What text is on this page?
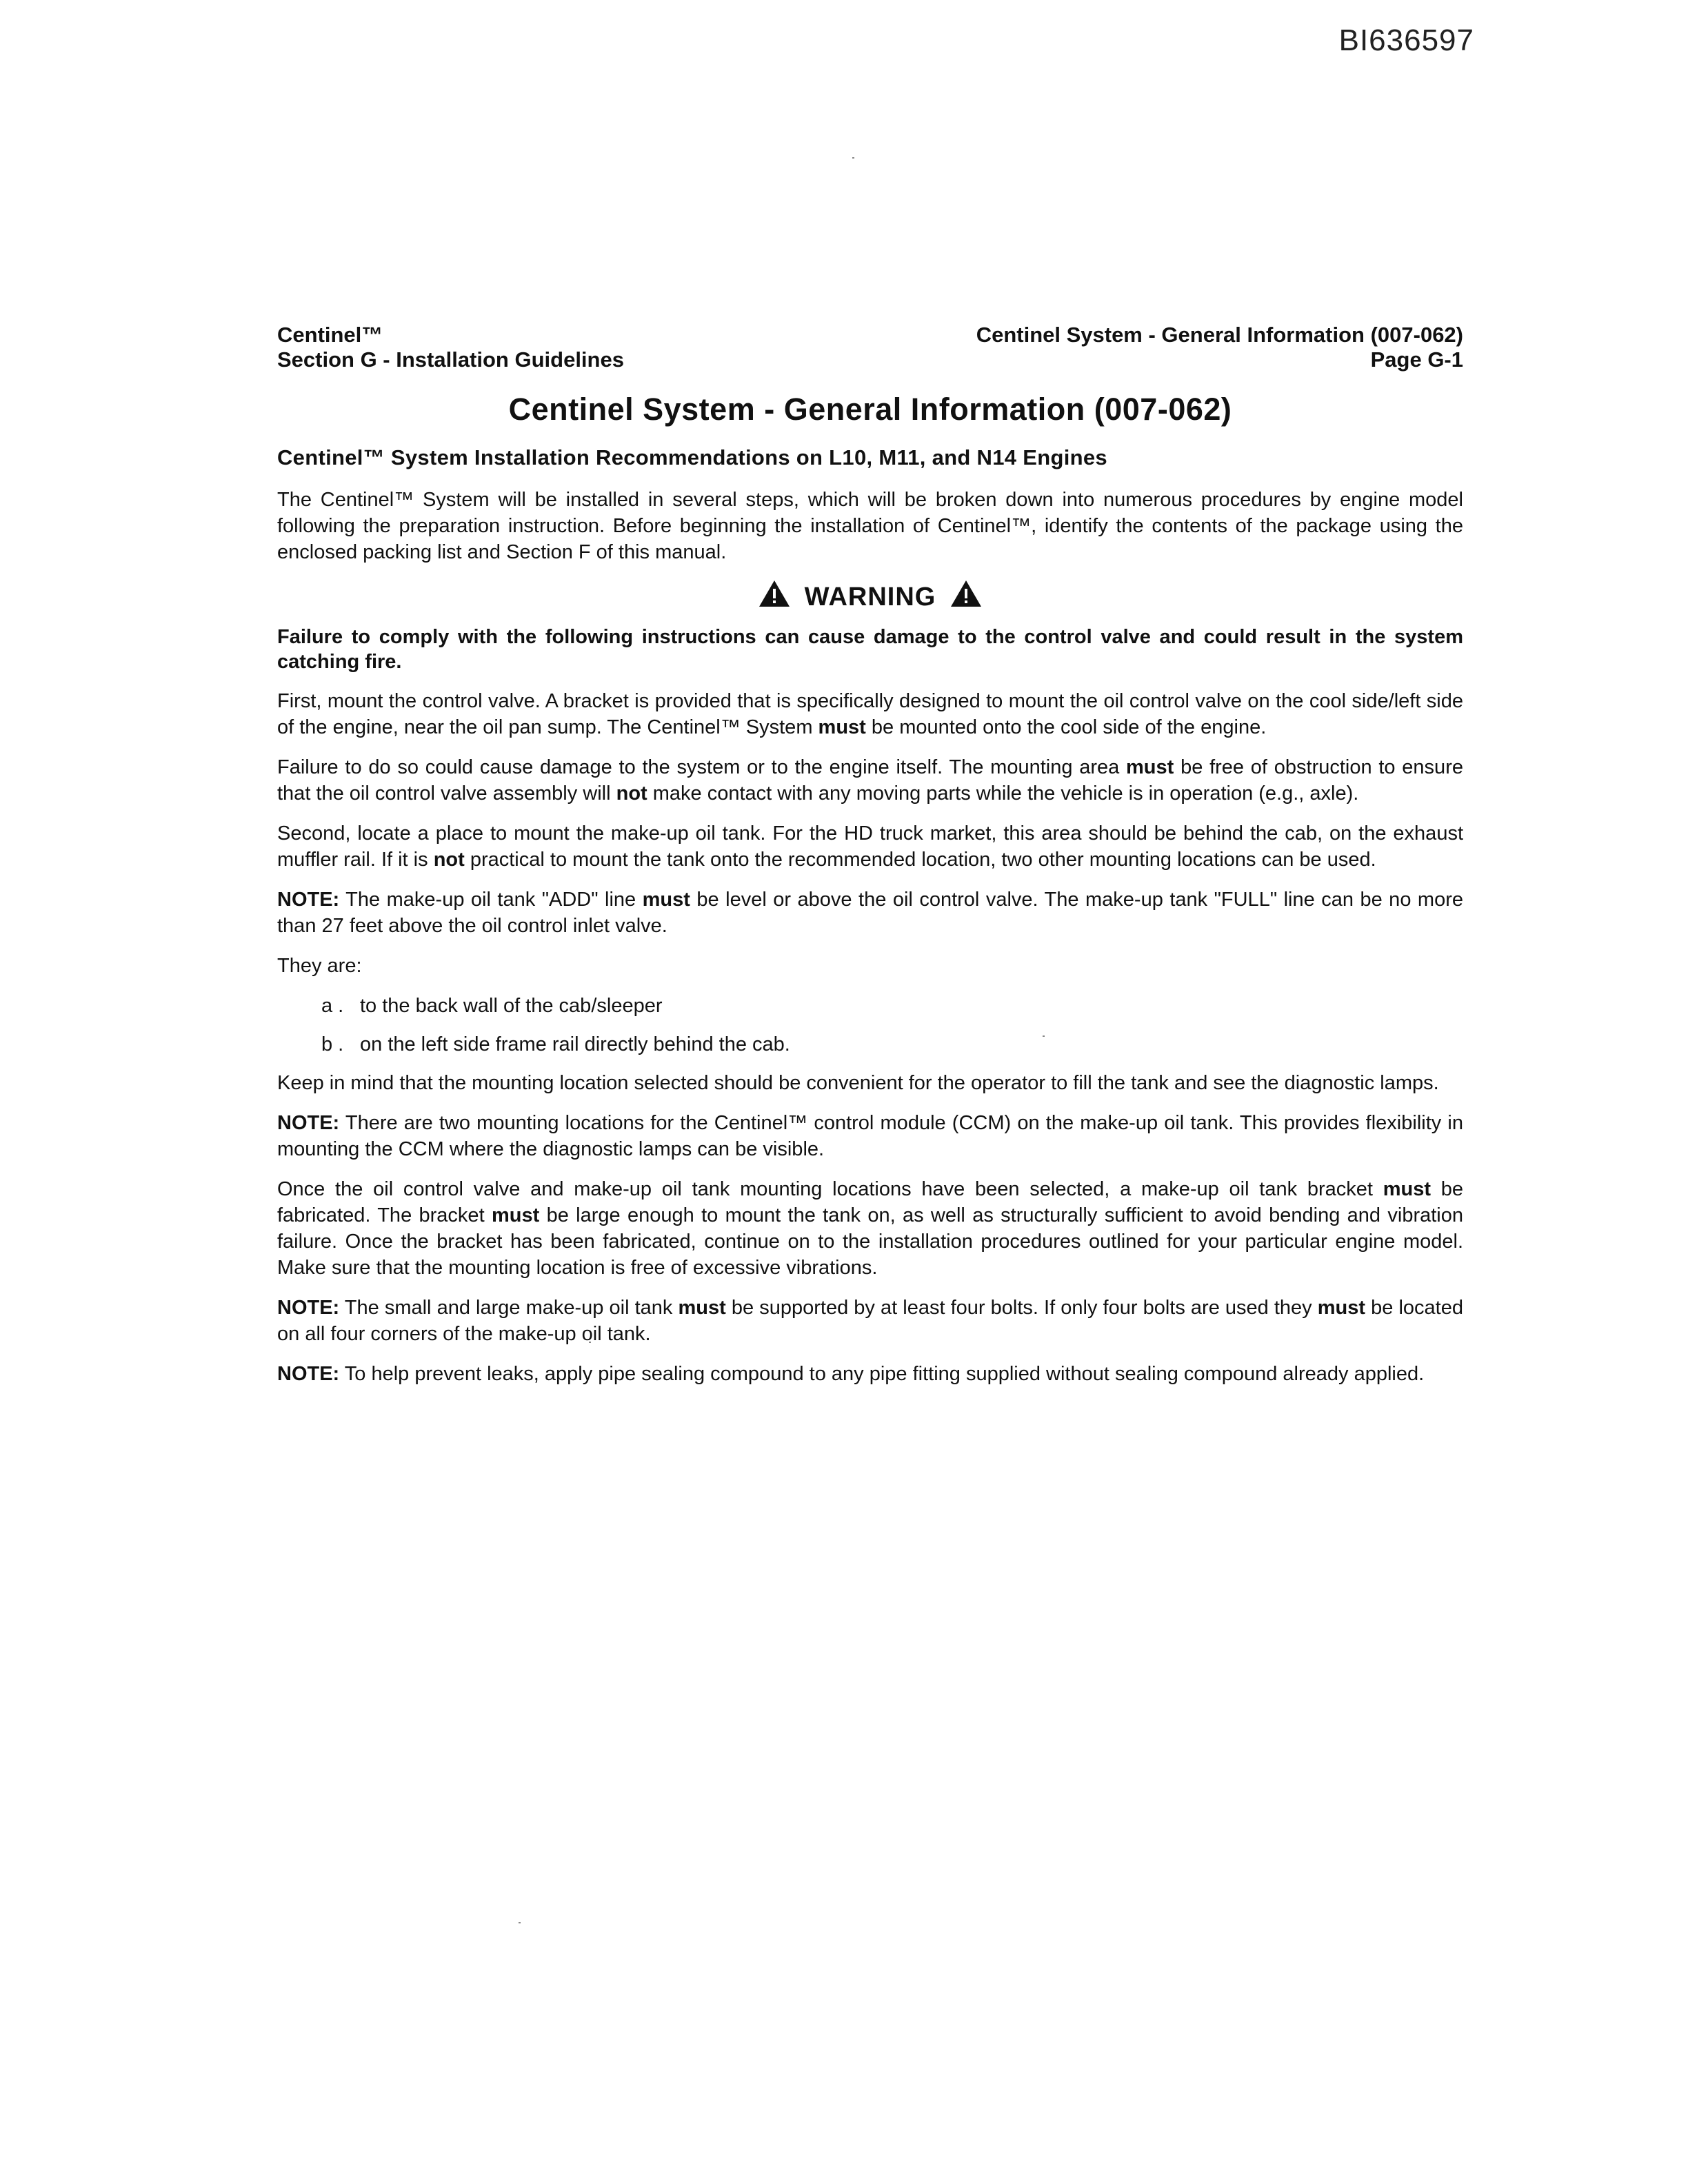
BI636597
Centinel™
Section G - Installation Guidelines
Centinel System - General Information (007-062)
Page G-1
Centinel System - General Information (007-062)
Centinel™ System Installation Recommendations on L10, M11, and N14 Engines

The Centinel™ System will be installed in several steps, which will be broken down into numerous procedures by engine model following the preparation instruction. Before beginning the installation of Centinel™, identify the contents of the package using the enclosed packing list and Section F of this manual.

WARNING

Failure to comply with the following instructions can cause damage to the control valve and could result in the system catching fire.

First, mount the control valve. A bracket is provided that is specifically designed to mount the oil control valve on the cool side/left side of the engine, near the oil pan sump. The Centinel™ System must be mounted onto the cool side of the engine.

Failure to do so could cause damage to the system or to the engine itself. The mounting area must be free of obstruction to ensure that the oil control valve assembly will not make contact with any moving parts while the vehicle is in operation (e.g., axle).

Second, locate a place to mount the make-up oil tank. For the HD truck market, this area should be behind the cab, on the exhaust muffler rail. If it is not practical to mount the tank onto the recommended location, two other mounting locations can be used.

NOTE: The make-up oil tank "ADD" line must be level or above the oil control valve. The make-up tank "FULL" line can be no more than 27 feet above the oil control inlet valve.

They are:

a . to the back wall of the cab/sleeper
b . on the left side frame rail directly behind the cab.

Keep in mind that the mounting location selected should be convenient for the operator to fill the tank and see the diagnostic lamps.

NOTE: There are two mounting locations for the Centinel™ control module (CCM) on the make-up oil tank. This provides flexibility in mounting the CCM where the diagnostic lamps can be visible.

Once the oil control valve and make-up oil tank mounting locations have been selected, a make-up oil tank bracket must be fabricated. The bracket must be large enough to mount the tank on, as well as structurally sufficient to avoid bending and vibration failure. Once the bracket has been fabricated, continue on to the installation procedures outlined for your particular engine model. Make sure that the mounting location is free of excessive vibrations.

NOTE: The small and large make-up oil tank must be supported by at least four bolts. If only four bolts are used they must be located on all four corners of the make-up oil tank.

NOTE: To help prevent leaks, apply pipe sealing compound to any pipe fitting supplied without sealing compound already applied.
